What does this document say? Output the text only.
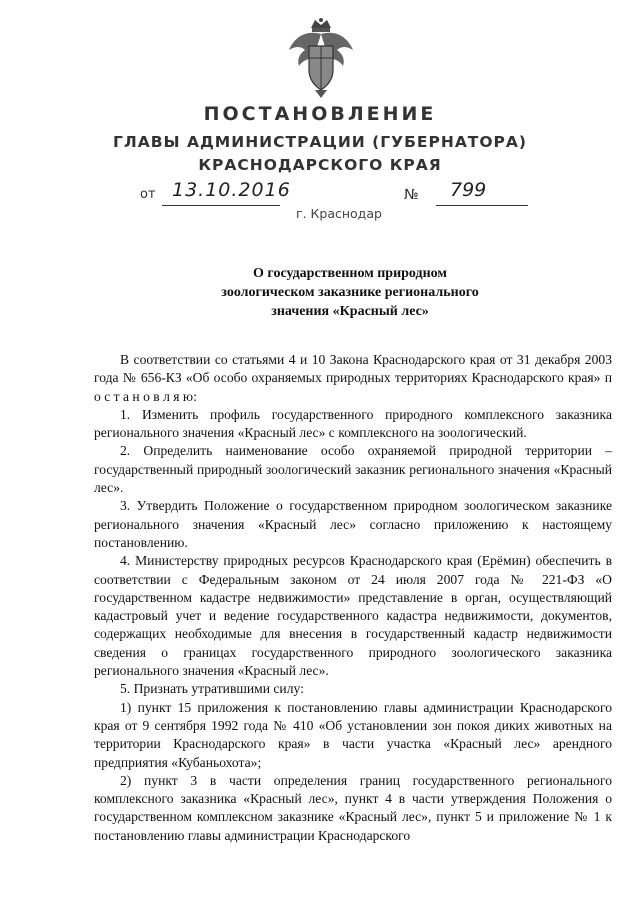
ПОСТАНОВЛЕНИЕ
ГЛАВЫ АДМИНИСТРАЦИИ (ГУБЕРНАТОРА)
КРАСНОДАРСКОГО КРАЯ
от 13.10.2016	№ 799
г. Краснодар
О государственном природном
зоологическом заказнике регионального
значения «Красный лес»

В соответствии со статьями 4 и 10 Закона Краснодарского края от 31 декабря 2003 года № 656-КЗ «Об особо охраняемых природных территориях Краснодарского края» п о с т а н о в л я ю:

1. Изменить профиль государственного природного комплексного заказника регионального значения «Красный лес» с комплексного на зоологический.

2. Определить наименование особо охраняемой природной территории – государственный природный зоологический заказник регионального значения «Красный лес».

3. Утвердить Положение о государственном природном зоологическом заказнике регионального значения «Красный лес» согласно приложению к настоящему постановлению.

4. Министерству природных ресурсов Краснодарского края (Ерёмин) обеспечить в соответствии с Федеральным законом от 24 июля 2007 года № 221-ФЗ «О государственном кадастре недвижимости» представление в орган, осуществляющий кадастровый учет и ведение государственного кадастра недвижимости, документов, содержащих необходимые для внесения в государственный кадастр недвижимости сведения о границах государственного природного зоологического заказника регионального значения «Красный лес».

5. Признать утратившими силу:

1) пункт 15 приложения к постановлению главы администрации Краснодарского края от 9 сентября 1992 года № 410 «Об установлении зон покоя диких животных на территории Краснодарского края» в части участка «Красный лес» арендного предприятия «Кубаньохота»;

2) пункт 3 в части определения границ государственного регионального комплексного заказника «Красный лес», пункт 4 в части утверждения Положения о государственном комплексном заказнике «Красный лес», пункт 5 и приложение № 1 к постановлению главы администрации Краснодарского
